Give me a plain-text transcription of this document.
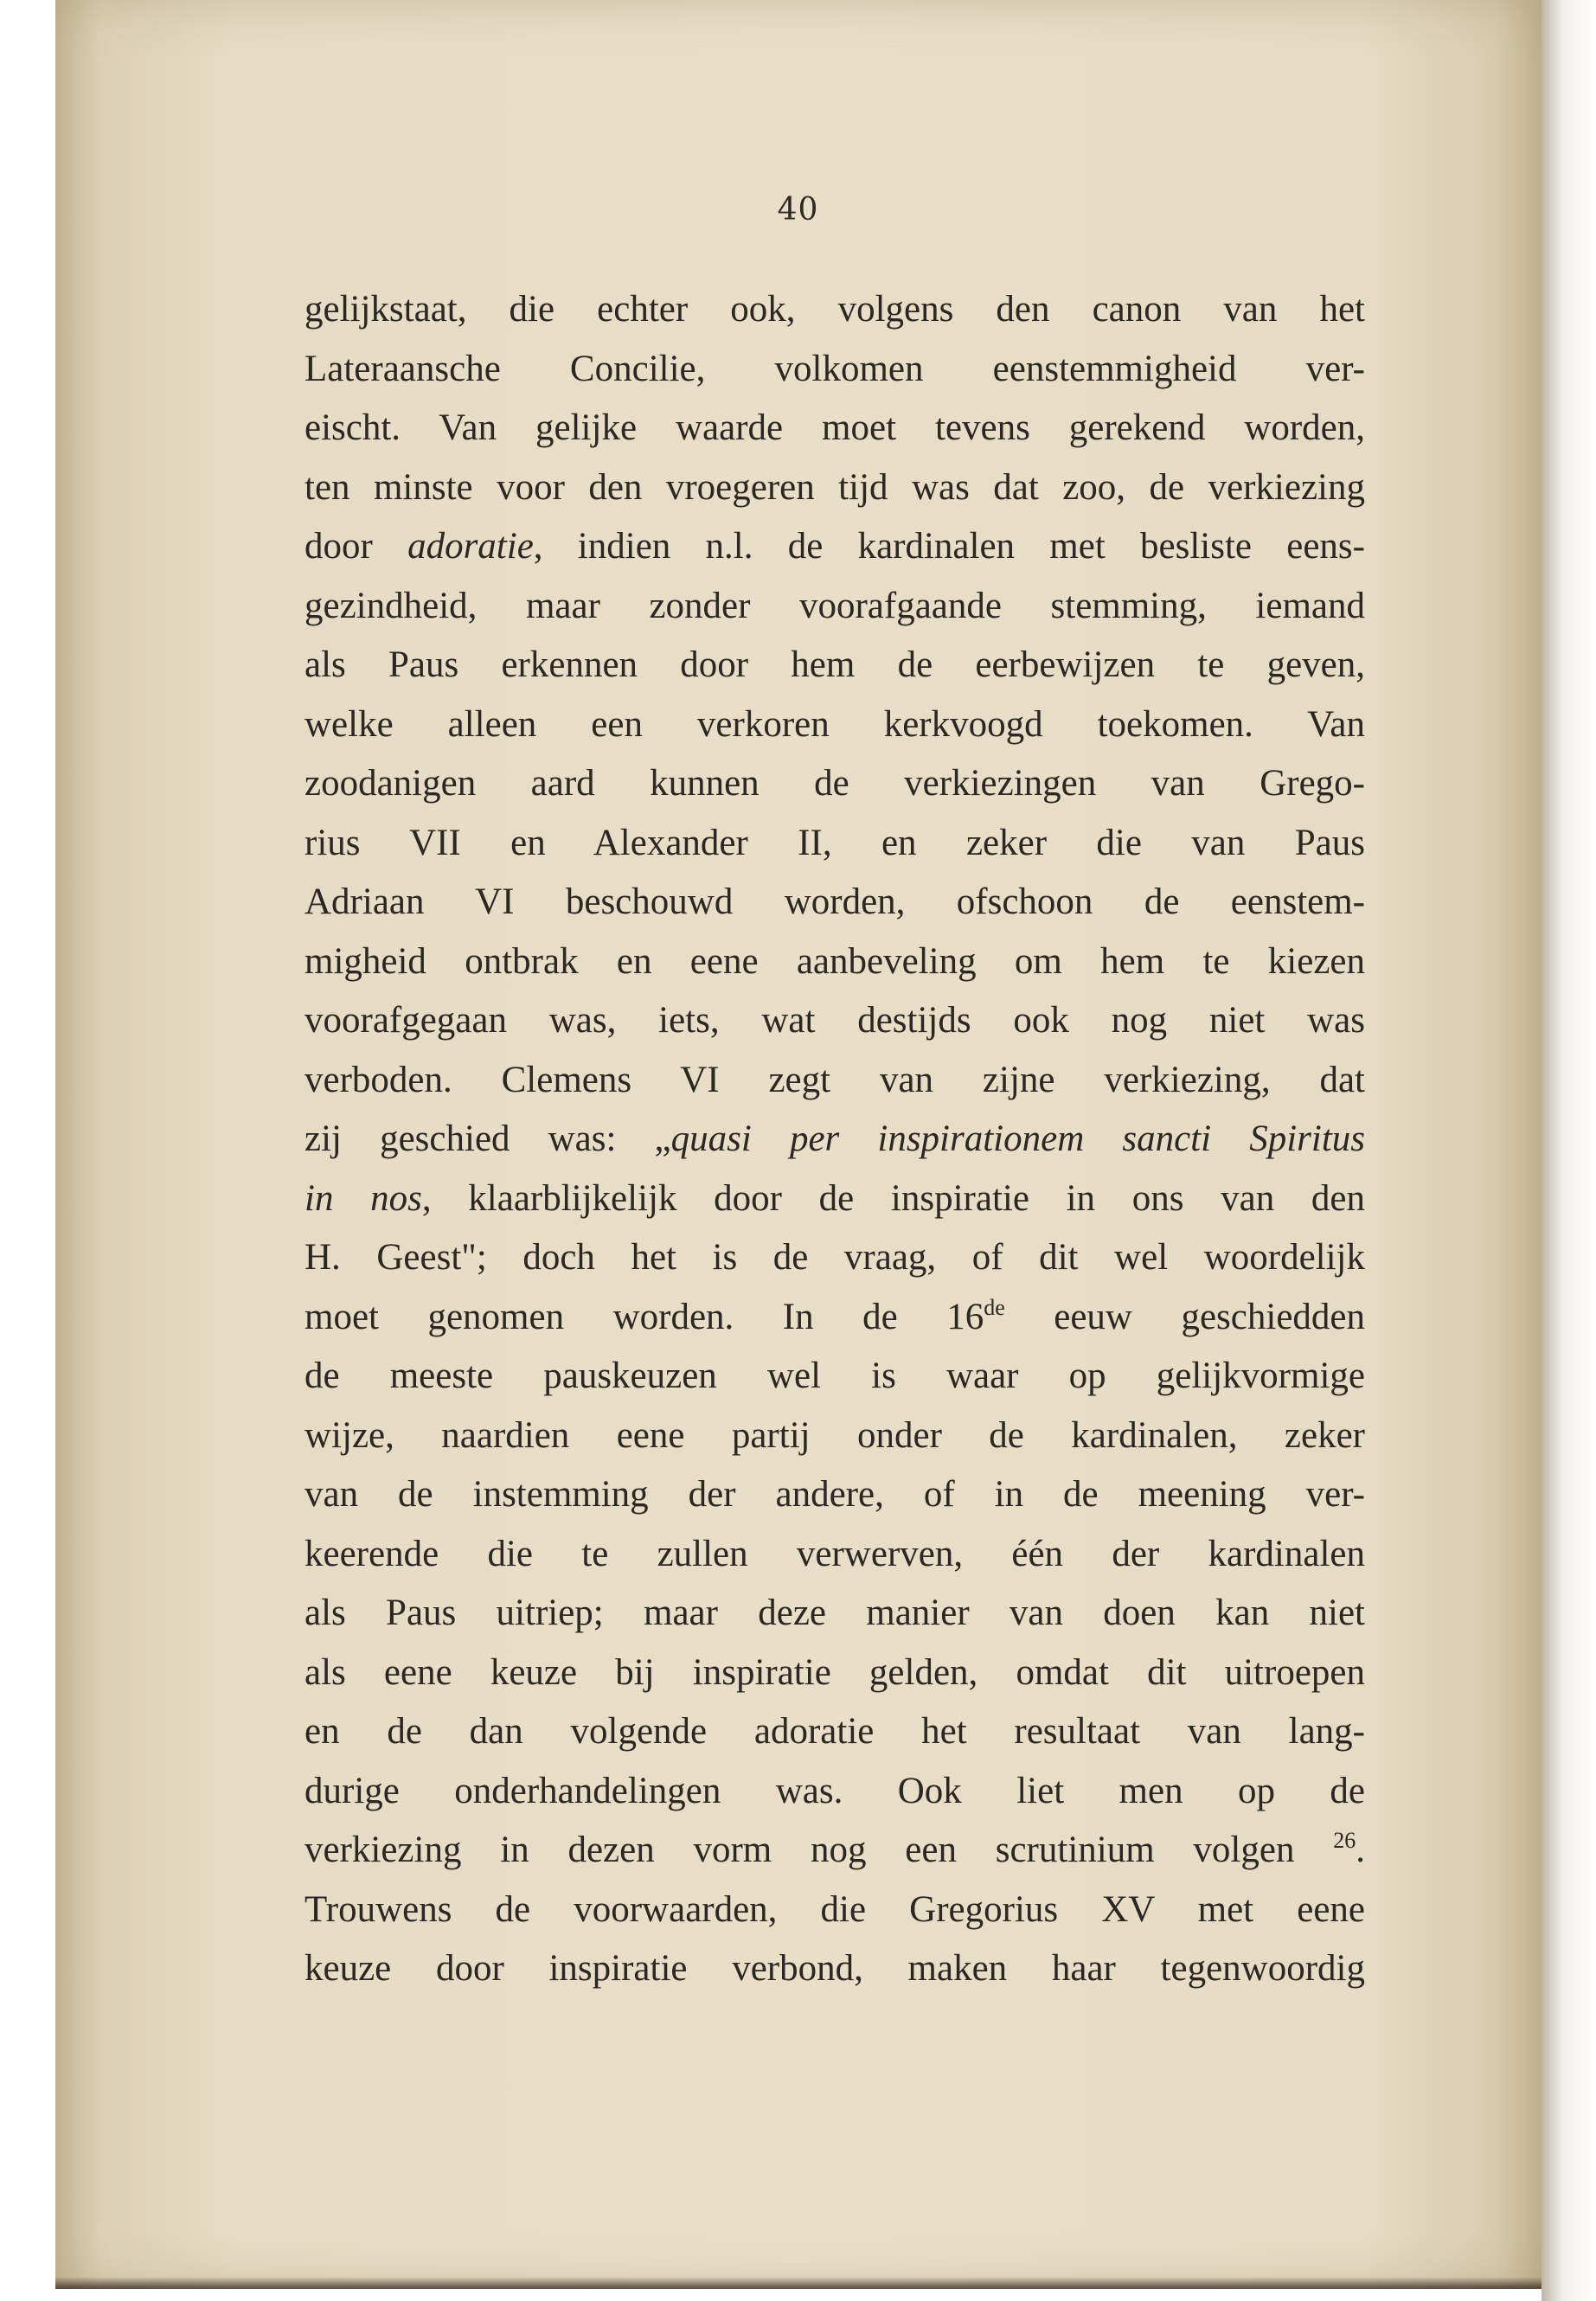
40
gelijkstaat, die echter ook, volgens den canon van het
Lateraansche Concilie, volkomen eenstemmigheid ver-
eischt. Van gelijke waarde moet tevens gerekend worden,
ten minste voor den vroegeren tijd was dat zoo, de verkiezing
door adoratie, indien n.l. de kardinalen met besliste eens-
gezindheid, maar zonder voorafgaande stemming, iemand
als Paus erkennen door hem de eerbewijzen te geven,
welke alleen een verkoren kerkvoogd toekomen. Van
zoodanigen aard kunnen de verkiezingen van Grego-
rius VII en Alexander II, en zeker die van Paus
Adriaan VI beschouwd worden, ofschoon de eenstem-
migheid ontbrak en eene aanbeveling om hem te kiezen
voorafgegaan was, iets, wat destijds ook nog niet was
verboden. Clemens VI zegt van zijne verkiezing, dat
zij geschied was: „quasi per inspirationem sancti Spiritus
in nos, klaarblijkelijk door de inspiratie in ons van den
H. Geest"; doch het is de vraag, of dit wel woordelijk
moet genomen worden. In de 16de eeuw geschiedden
de meeste pauskeuzen wel is waar op gelijkvormige
wijze, naardien eene partij onder de kardinalen, zeker
van de instemming der andere, of in de meening ver-
keerende die te zullen verwerven, één der kardinalen
als Paus uitriep; maar deze manier van doen kan niet
als eene keuze bij inspiratie gelden, omdat dit uitroepen
en de dan volgende adoratie het resultaat van lang-
durige onderhandelingen was. Ook liet men op de
verkiezing in dezen vorm nog een scrutinium volgen $^{26}$.
Trouwens de voorwaarden, die Gregorius XV met eene
keuze door inspiratie verbond, maken haar tegenwoordig
